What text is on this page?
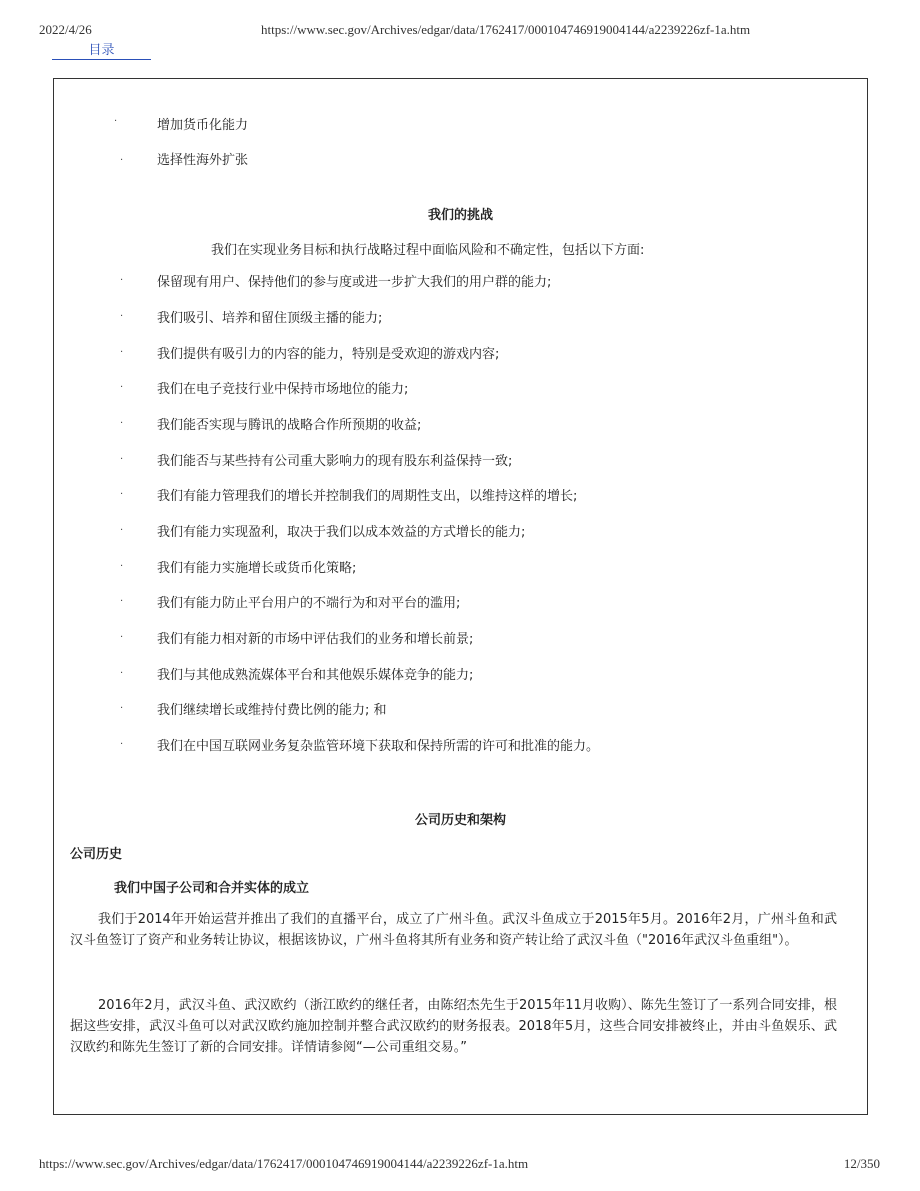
2022/4/26	https://www.sec.gov/Archives/edgar/data/1762417/000104746919004144/a2239226zf-1a.htm
目录
·	增加货币化能力
·	选择性海外扩张
我们的挑战
我们在实现业务目标和执行战略过程中面临风险和不确定性，包括以下方面:
·	保留现有用户、保持他们的参与度或进一步扩大我们的用户群的能力;
·	我们吸引、培养和留住顶级主播的能力;
·	我们提供有吸引力的内容的能力，特别是受欢迎的游戏内容;
·	我们在电子竞技行业中保持市场地位的能力;
·	我们能否实现与腾讯的战略合作所预期的收益;
·	我们能否与某些持有公司重大影响力的现有股东利益保持一致;
·	我们有能力管理我们的增长并控制我们的周期性支出，以维持这样的增长;
·	我们有能力实现盈利，取决于我们以成本效益的方式增长的能力;
·	我们有能力实施增长或货币化策略;
·	我们有能力防止平台用户的不端行为和对平台的滥用;
·	我们有能力相对新的市场中评估我们的业务和增长前景;
·	我们与其他成熟流媒体平台和其他娱乐媒体竞争的能力;
·	我们继续增长或维持付费比例的能力; 和
·	我们在中国互联网业务复杂监管环境下获取和保持所需的许可和批准的能力。
公司历史和架构
公司历史
我们中国子公司和合并实体的成立
我们于2014年开始运营并推出了我们的直播平台，成立了广州斗鱼。武汉斗鱼成立于2015年5月。2016年2月，广州斗鱼和武汉斗鱼签订了资产和业务转让协议，根据该协议，广州斗鱼将其所有业务和资产转让给了武汉斗鱼（"2016年武汉斗鱼重组"）。
2016年2月，武汉斗鱼、武汉欧约（浙江欧约的继任者，由陈绍杰先生于2015年11月收购）、陈先生签订了一系列合同安排，根据这些安排，武汉斗鱼可以对武汉欧约施加控制并整合武汉欧约的财务报表。2018年5月，这些合同安排被终止，并由斗鱼娱乐、武汉欧约和陈先生签订了新的合同安排。详情请参阅“—公司重组交易。”
https://www.sec.gov/Archives/edgar/data/1762417/000104746919004144/a2239226zf-1a.htm	12/350
